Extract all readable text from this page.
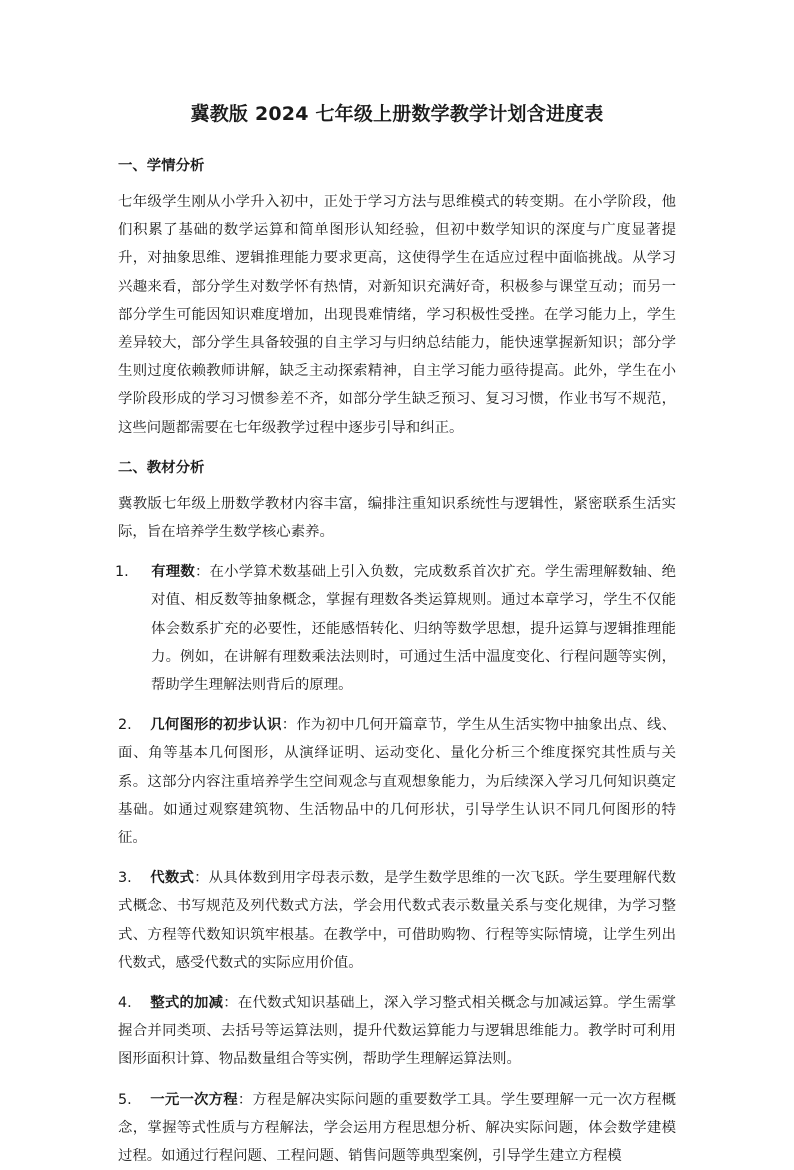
冀教版 2024 七年级上册数学教学计划含进度表
一、学情分析

七年级学生刚从小学升入初中，正处于学习方法与思维模式的转变期。在小学阶段，他们积累了基础的数学运算和简单图形认知经验，但初中数学知识的深度与广度显著提升，对抽象思维、逻辑推理能力要求更高，这使得学生在适应过程中面临挑战。从学习兴趣来看，部分学生对数学怀有热情，对新知识充满好奇，积极参与课堂互动；而另一部分学生可能因知识难度增加，出现畏难情绪，学习积极性受挫。在学习能力上，学生差异较大，部分学生具备较强的自主学习与归纳总结能力，能快速掌握新知识；部分学生则过度依赖教师讲解，缺乏主动探索精神，自主学习能力亟待提高。此外，学生在小学阶段形成的学习习惯参差不齐，如部分学生缺乏预习、复习习惯，作业书写不规范，这些问题都需要在七年级教学过程中逐步引导和纠正。

二、教材分析

冀教版七年级上册数学教材内容丰富，编排注重知识系统性与逻辑性，紧密联系生活实际，旨在培养学生数学核心素养。

1. 有理数：在小学算术数基础上引入负数，完成数系首次扩充。学生需理解数轴、绝对值、相反数等抽象概念，掌握有理数各类运算规则。通过本章学习，学生不仅能体会数系扩充的必要性，还能感悟转化、归纳等数学思想，提升运算与逻辑推理能力。例如，在讲解有理数乘法法则时，可通过生活中温度变化、行程问题等实例，帮助学生理解法则背后的原理。

2. 几何图形的初步认识：作为初中几何开篇章节，学生从生活实物中抽象出点、线、面、角等基本几何图形，从演绎证明、运动变化、量化分析三个维度探究其性质与关系。这部分内容注重培养学生空间观念与直观想象能力，为后续深入学习几何知识奠定基础。如通过观察建筑物、生活物品中的几何形状，引导学生认识不同几何图形的特征。

3. 代数式：从具体数到用字母表示数，是学生数学思维的一次飞跃。学生要理解代数式概念、书写规范及列代数式方法，学会用代数式表示数量关系与变化规律，为学习整式、方程等代数知识筑牢根基。在教学中，可借助购物、行程等实际情境，让学生列出代数式，感受代数式的实际应用价值。

4. 整式的加减：在代数式知识基础上，深入学习整式相关概念与加减运算。学生需掌握合并同类项、去括号等运算法则，提升代数运算能力与逻辑思维能力。教学时可利用图形面积计算、物品数量组合等实例，帮助学生理解运算法则。

5. 一元一次方程：方程是解决实际问题的重要数学工具。学生要理解一元一次方程概念，掌握等式性质与方程解法，学会运用方程思想分析、解决实际问题，体会数学建模过程。如通过行程问题、工程问题、销售问题等典型案例，引导学生建立方程模
